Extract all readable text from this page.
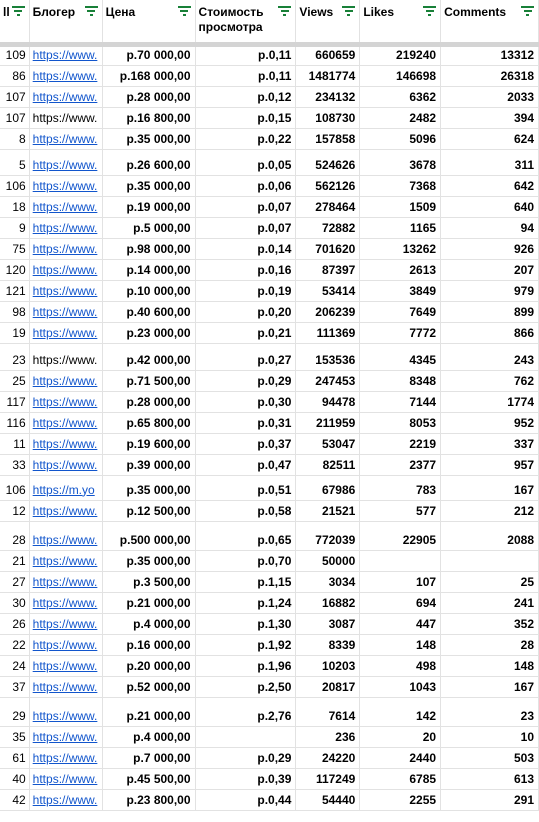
ll	Блогер	Цена	Стоимость просмотра	Views	Likes	Comments

109	https://www.	р.70 000,00	р.0,11	660659	219240	13312
86	https://www.	р.168 000,00	р.0,11	1481774	146698	26318
107	https://www.	р.28 000,00	р.0,12	234132	6362	2033
107	https://www.	р.16 800,00	р.0,15	108730	2482	394
8	https://www.	р.35 000,00	р.0,22	157858	5096	624
5	https://www.	р.26 600,00	р.0,05	524626	3678	311
106	https://www.	р.35 000,00	р.0,06	562126	7368	642
18	https://www.	р.19 000,00	р.0,07	278464	1509	640
9	https://www.	р.5 000,00	р.0,07	72882	1165	94
75	https://www.	р.98 000,00	р.0,14	701620	13262	926
120	https://www.	р.14 000,00	р.0,16	87397	2613	207
121	https://www.	р.10 000,00	р.0,19	53414	3849	979
98	https://www.	р.40 600,00	р.0,20	206239	7649	899
19	https://www.	р.23 000,00	р.0,21	111369	7772	866
23	https://www.	р.42 000,00	р.0,27	153536	4345	243
25	https://www.	р.71 500,00	р.0,29	247453	8348	762
117	https://www.	р.28 000,00	р.0,30	94478	7144	1774
116	https://www.	р.65 800,00	р.0,31	211959	8053	952
11	https://www.	р.19 600,00	р.0,37	53047	2219	337
33	https://www.	р.39 000,00	р.0,47	82511	2377	957
106	https://m.yo	р.35 000,00	р.0,51	67986	783	167
12	https://www.	р.12 500,00	р.0,58	21521	577	212
28	https://www.	р.500 000,00	р.0,65	772039	22905	2088
21	https://www.	р.35 000,00	р.0,70	50000		
27	https://www.	р.3 500,00	р.1,15	3034	107	25
30	https://www.	р.21 000,00	р.1,24	16882	694	241
26	https://www.	р.4 000,00	р.1,30	3087	447	352
22	https://www.	р.16 000,00	р.1,92	8339	148	28
24	https://www.	р.20 000,00	р.1,96	10203	498	148
37	https://www.	р.52 000,00	р.2,50	20817	1043	167
29	https://www.	р.21 000,00	р.2,76	7614	142	23
35	https://www.	р.4 000,00		236	20	10
61	https://www.	р.7 000,00	р.0,29	24220	2440	503
40	https://www.	р.45 500,00	р.0,39	117249	6785	613
42	https://www.	р.23 800,00	р.0,44	54440	2255	291
